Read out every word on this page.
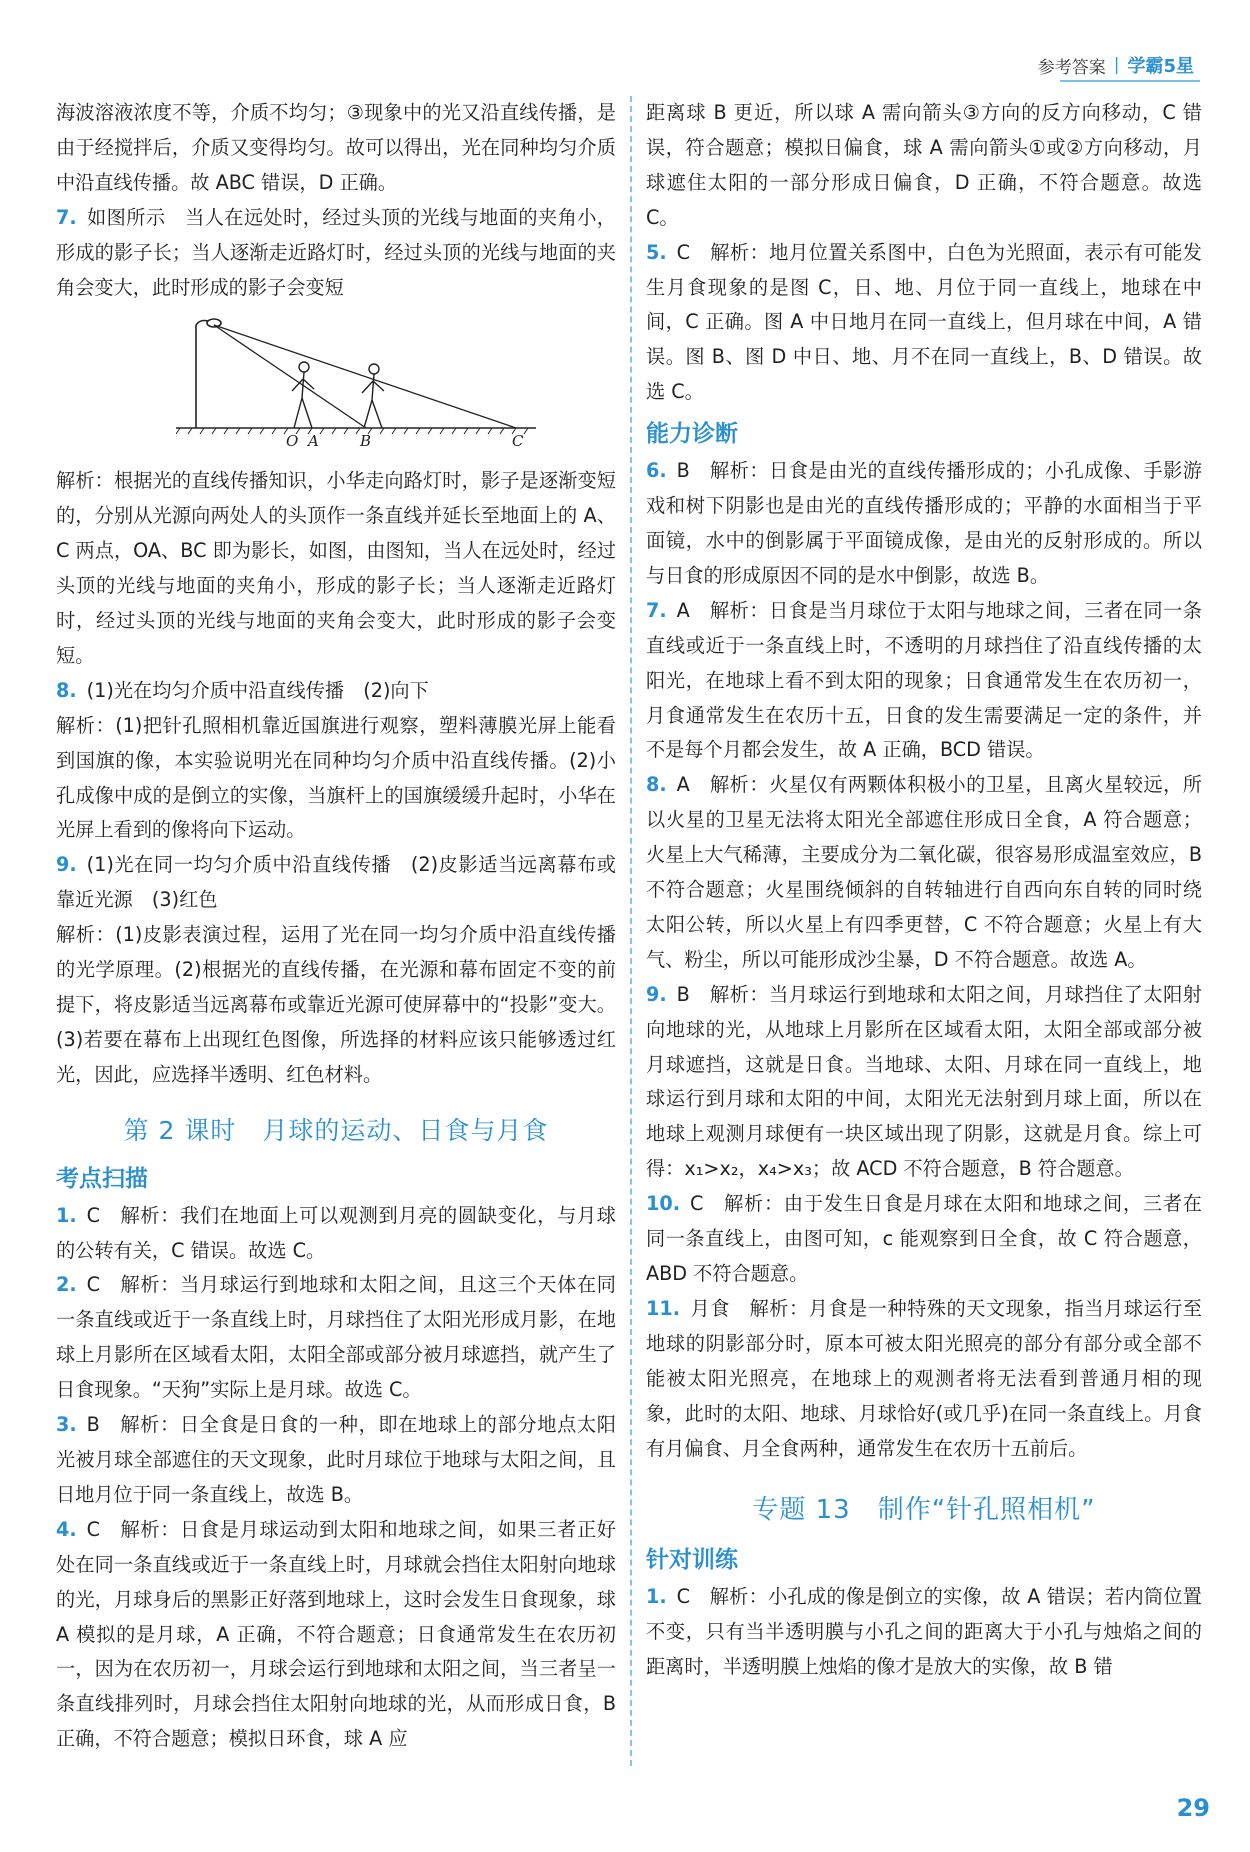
参考答案 | 学霸5星

海波溶液浓度不等，介质不均匀；③现象中的光又沿直线传播，是由于经搅拌后，介质又变得均匀。故可以得出，光在同种均匀介质中沿直线传播。故 ABC 错误，D 正确。

7. 如图所示　当人在远处时，经过头顶的光线与地面的夹角小，形成的影子长；当人逐渐走近路灯时，经过头顶的光线与地面的夹角会变大，此时形成的影子会变短

O A	B	C

解析：根据光的直线传播知识，小华走向路灯时，影子是逐渐变短的，分别从光源向两处人的头顶作一条直线并延长至地面上的 A、C 两点，OA、BC 即为影长，如图，由图知，当人在远处时，经过头顶的光线与地面的夹角小，形成的影子长；当人逐渐走近路灯时，经过头顶的光线与地面的夹角会变大，此时形成的影子会变短。

8. (1)光在均匀介质中沿直线传播　(2)向下

解析：(1)把针孔照相机靠近国旗进行观察，塑料薄膜光屏上能看到国旗的像，本实验说明光在同种均匀介质中沿直线传播。(2)小孔成像中成的是倒立的实像，当旗杆上的国旗缓缓升起时，小华在光屏上看到的像将向下运动。

9. (1)光在同一均匀介质中沿直线传播　(2)皮影适当远离幕布或靠近光源　(3)红色

解析：(1)皮影表演过程，运用了光在同一均匀介质中沿直线传播的光学原理。(2)根据光的直线传播，在光源和幕布固定不变的前提下，将皮影适当远离幕布或靠近光源可使屏幕中的“投影”变大。(3)若要在幕布上出现红色图像，所选择的材料应该只能够透过红光，因此，应选择半透明、红色材料。

第 2 课时　月球的运动、日食与月食
考点扫描

1. C　解析：我们在地面上可以观测到月亮的圆缺变化，与月球的公转有关，C 错误。故选 C。

2. C　解析：当月球运行到地球和太阳之间，且这三个天体在同一条直线或近于一条直线上时，月球挡住了太阳光形成月影，在地球上月影所在区域看太阳，太阳全部或部分被月球遮挡，就产生了日食现象。“天狗”实际上是月球。故选 C。

3. B　解析：日全食是日食的一种，即在地球上的部分地点太阳光被月球全部遮住的天文现象，此时月球位于地球与太阳之间，且日地月位于同一条直线上，故选 B。

4. C　解析：日食是月球运动到太阳和地球之间，如果三者正好处在同一条直线或近于一条直线上时，月球就会挡住太阳射向地球的光，月球身后的黑影正好落到地球上，这时会发生日食现象，球 A 模拟的是月球，A 正确，不符合题意；日食通常发生在农历初一，因为在农历初一，月球会运行到地球和太阳之间，当三者呈一条直线排列时，月球会挡住太阳射向地球的光，从而形成日食，B 正确，不符合题意；模拟日环食，球 A 应

距离球 B 更近，所以球 A 需向箭头③方向的反方向移动，C 错误，符合题意；模拟日偏食，球 A 需向箭头①或②方向移动，月球遮住太阳的一部分形成日偏食，D 正确，不符合题意。故选 C。

5. C　解析：地月位置关系图中，白色为光照面，表示有可能发生月食现象的是图 C，日、地、月位于同一直线上，地球在中间，C 正确。图 A 中日地月在同一直线上，但月球在中间，A 错误。图 B、图 D 中日、地、月不在同一直线上，B、D 错误。故选 C。

能力诊断

6. B　解析：日食是由光的直线传播形成的；小孔成像、手影游戏和树下阴影也是由光的直线传播形成的；平静的水面相当于平面镜，水中的倒影属于平面镜成像，是由光的反射形成的。所以与日食的形成原因不同的是水中倒影，故选 B。

7. A　解析：日食是当月球位于太阳与地球之间，三者在同一条直线或近于一条直线上时，不透明的月球挡住了沿直线传播的太阳光，在地球上看不到太阳的现象；日食通常发生在农历初一，月食通常发生在农历十五，日食的发生需要满足一定的条件，并不是每个月都会发生，故 A 正确，BCD 错误。

8. A　解析：火星仅有两颗体积极小的卫星，且离火星较远，所以火星的卫星无法将太阳光全部遮住形成日全食，A 符合题意；火星上大气稀薄，主要成分为二氧化碳，很容易形成温室效应，B 不符合题意；火星围绕倾斜的自转轴进行自西向东自转的同时绕太阳公转，所以火星上有四季更替，C 不符合题意；火星上有大气、粉尘，所以可能形成沙尘暴，D 不符合题意。故选 A。

9. B　解析：当月球运行到地球和太阳之间，月球挡住了太阳射向地球的光，从地球上月影所在区域看太阳，太阳全部或部分被月球遮挡，这就是日食。当地球、太阳、月球在同一直线上，地球运行到月球和太阳的中间，太阳光无法射到月球上面，所以在地球上观测月球便有一块区域出现了阴影，这就是月食。综上可得：x₁>x₂，x₄>x₃；故 ACD 不符合题意，B 符合题意。

10. C　解析：由于发生日食是月球在太阳和地球之间，三者在同一条直线上，由图可知，c 能观察到日全食，故 C 符合题意，ABD 不符合题意。

11. 月食　解析：月食是一种特殊的天文现象，指当月球运行至地球的阴影部分时，原本可被太阳光照亮的部分有部分或全部不能被太阳光照亮，在地球上的观测者将无法看到普通月相的现象，此时的太阳、地球、月球恰好(或几乎)在同一条直线上。月食有月偏食、月全食两种，通常发生在农历十五前后。

专题 13　制作“针孔照相机”
针对训练

1. C　解析：小孔成的像是倒立的实像，故 A 错误；若内筒位置不变，只有当半透明膜与小孔之间的距离大于小孔与烛焰之间的距离时，半透明膜上烛焰的像才是放大的实像，故 B 错

29
